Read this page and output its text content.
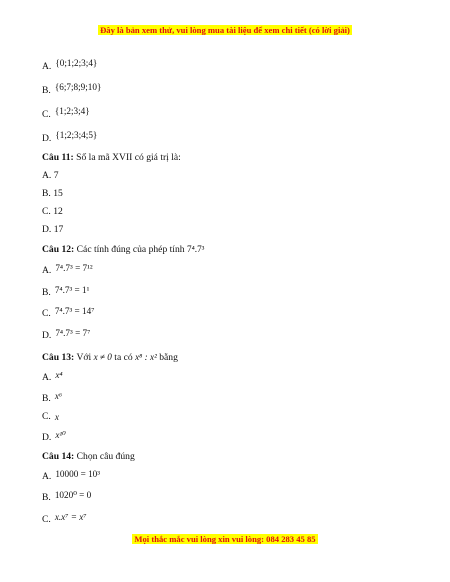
Đây là bản xem thử, vui lòng mua tài liệu để xem chi tiết (có lời giải)
A. {0;1;2;3;4}
B. {6;7;8;9;10}
C. {1;2;3;4}
D. {1;2;3;4;5}
Câu 11: Số la mã XVII có giá trị là:
A. 7
B. 15
C. 12
D. 17
Câu 12: Các tính đúng của phép tính 7⁴.7³
A. 7⁴.7³ = 7¹²
B. 7⁴.7³ = 1¹
C. 7⁴.7³ = 14⁷
D. 7⁴.7³ = 7⁷
Câu 13: Với x ≠ 0 ta có x⁸ : x² bằng
A. x⁴
B. x⁶
C. x
D. x¹⁰
Câu 14: Chọn câu đúng
A. 10000 = 10³
B. 1020⁰ = 0
C. x.x⁷ = x⁷
Mọi thắc mắc vui lòng xin vui lòng: 084 283 45 85
